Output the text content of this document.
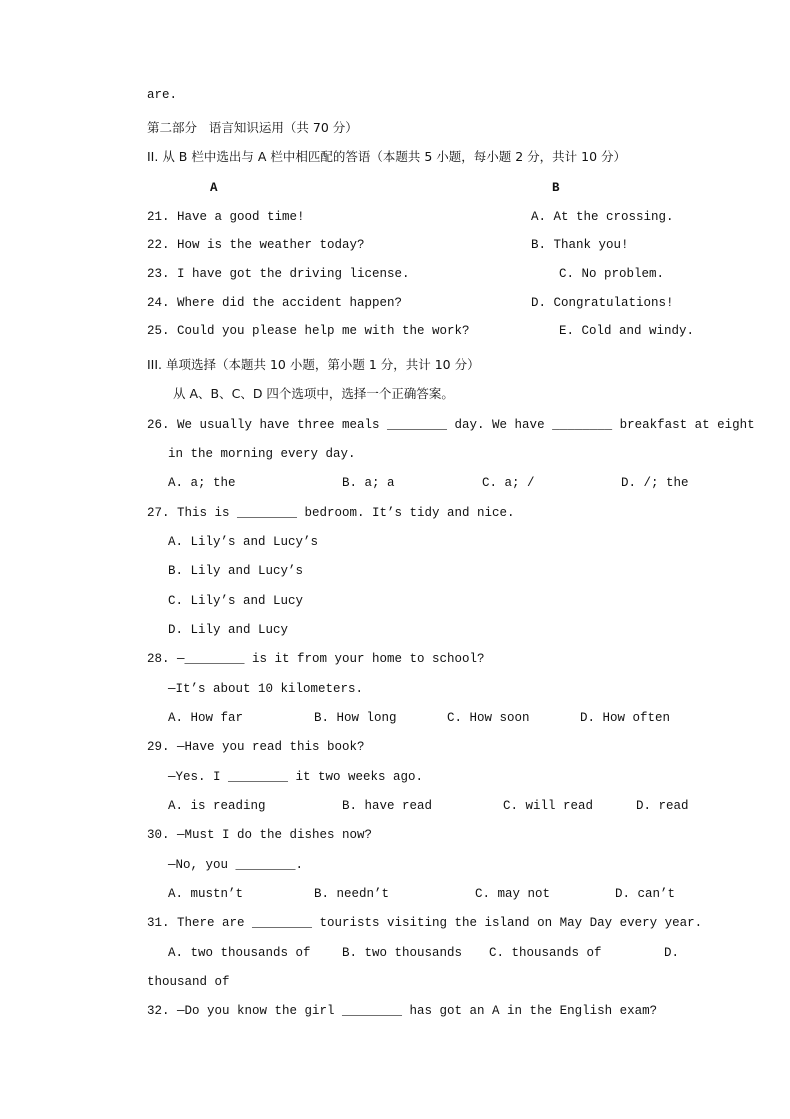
are.
第二部分   语言知识运用（共 70 分）
II. 从 B 栏中选出与 A 栏中相匹配的答语（本题共 5 小题，每小题 2 分，共计 10 分）
A	B
21. Have a good time!	A. At the crossing.
22. How is the weather today?	B. Thank you!
23. I have got the driving license.	C. No problem.
24. Where did the accident happen?	D. Congratulations!
25. Could you please help me with the work?	E. Cold and windy.
III. 单项选择（本题共 10 小题，第小题 1 分，共计 10 分）
从 A、B、C、D 四个选项中，选择一个正确答案。
26. We usually have three meals ________ day. We have ________ breakfast at eight
in the morning every day.
A. a; the	B. a; a	C. a; /	D. /; the
27. This is ________ bedroom. It’s tidy and nice.
A. Lily’s and Lucy’s
B. Lily and Lucy’s
C. Lily’s and Lucy
D. Lily and Lucy
28. —________ is it from your home to school?
—It’s about 10 kilometers.
A. How far	B. How long	C. How soon	D. How often
29. —Have you read this book?
—Yes. I ________ it two weeks ago.
A. is reading	B. have read	C. will read	D. read
30. —Must I do the dishes now?
—No, you ________.
A. mustn’t	B. needn’t	C. may not	D. can’t
31. There are ________ tourists visiting the island on May Day every year.
A. two thousands of	B. two thousands C. thousands of	D.
thousand of
32. —Do you know the girl ________ has got an A in the English exam?
